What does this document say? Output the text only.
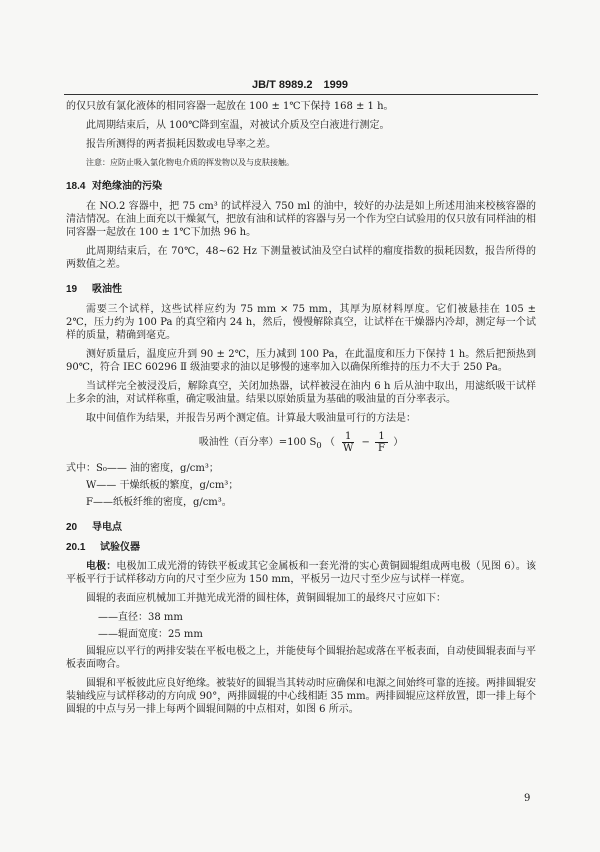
JB/T 8989.2　1999

的仅只放有氯化液体的相同容器一起放在 100 ± 1℃下保持 168 ± 1 h。

此周期结束后，从 100℃降到室温，对被试介质及空白液进行测定。

报告所测得的两者损耗因数或电导率之差。

注意：应防止吸入氯化物电介质的挥发物以及与皮肤接触。

18.4 对绝缘油的污染

在 NO.2 容器中，把 75 cm³ 的试样浸入 750 ml 的油中，较好的办法是如上所述用油来校核容器的清洁情况。在油上面充以干燥氮气，把放有油和试样的容器与另一个作为空白试验用的仅只放有同样油的相同容器一起放在 100 ± 1℃下加热 96 h。

此周期结束后，在 70℃，48~62 Hz 下测量被试油及空白试样的瘤度指数的损耗因数，报告所得的两数值之差。

19 吸油性

需要三个试样，这些试样应约为 75 mm × 75 mm，其厚为原材料厚度。它们被悬挂在 105 ± 2℃，压力约为 100 Pa 的真空箱内 24 h，然后，慢慢解除真空，让试样在干燥器内冷却，测定每一个试样的质量，精确到毫克。

测好质量后，温度应升到 90 ± 2℃，压力减到 100 Pa，在此温度和压力下保持 1 h。然后把预热到 90℃，符合 IEC 60296 Ⅱ 级油要求的油以足够慢的速率加入以确保所维持的压力不大于 250 Pa。

当试样完全被浸没后，解除真空，关闭加热器，试样被浸在油内 6 h 后从油中取出，用滤纸吸干试样上多余的油，对试样称重，确定吸油量。结果以原始质量为基础的吸油量的百分率表示。

取中间值作为结果，并报告另两个测定值。计算最大吸油量可行的方法是：

吸油性（百分率）=100 $S_0$ （ $\frac{1}{W} - \frac{1}{F}$ ）
式中：S₀—— 油的密度，g/cm³；
W—— 干燥纸板的繁度，g/cm³；
F——纸板纤维的密度，g/cm³。
20 导电点
20.1 试验仪器

电极：电极加工成光滑的铸铁平板或其它金属板和一套光滑的实心黄铜圆辊组成两电极（见图 6）。该平板平行于试样移动方向的尺寸至少应为 150 mm，平板另一边尺寸至少应与试样一样宽。

圆辊的表面应机械加工并抛光成光滑的圆柱体，黄铜圆辊加工的最终尺寸应如下：

——直径：38 mm
——辊面宽度：25 mm

圆辊应以平行的两排安装在平板电极之上，并能使每个圆辊抬起或落在平板表面，自动使圆辊表面与平板表面吻合。

圆辊和平板彼此应良好绝缘。被装好的圆辊当其转动时应确保和电源之间始终可靠的连接。两排圆辊安装轴线应与试样移动的方向成 90°，两排圆辊的中心线相距 35 mm。两排圆辊应这样放置，即一排上每个圆辊的中点与另一排上每两个圆辊间隔的中点相对，如图 6 所示。

9
